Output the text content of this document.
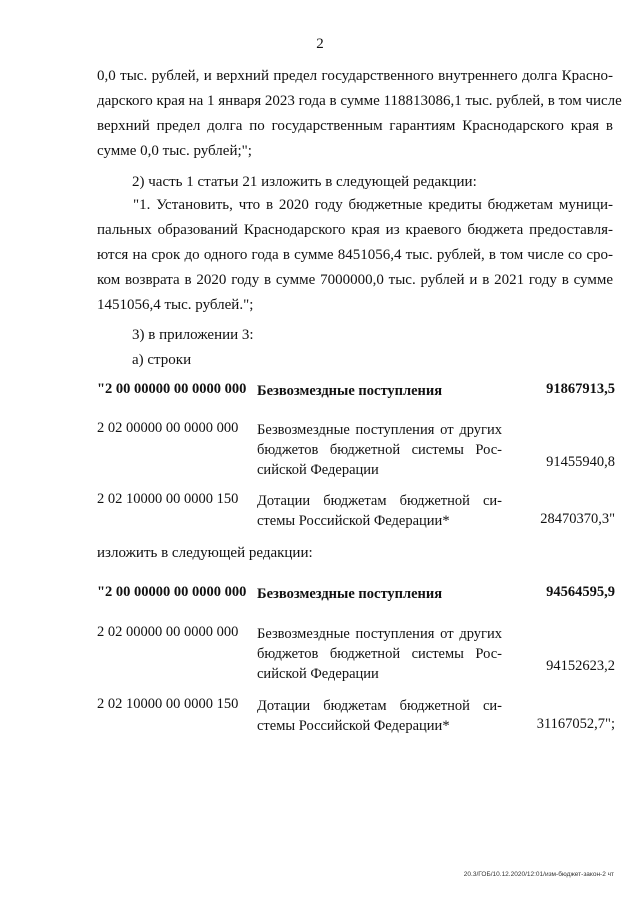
2
0,0 тыс. рублей, и верхний предел государственного внутреннего долга Красно-
дарского края на 1 января 2023 года в сумме 118813086,1 тыс. рублей, в том числе
верхний предел долга по государственным гарантиям Краснодарского края в
сумме 0,0 тыс. рублей;";
2) часть 1 статьи 21 изложить в следующей редакции:
"1. Установить, что в 2020 году бюджетные кредиты бюджетам муници-
пальных образований Краснодарского края из краевого бюджета предоставля-
ются на срок до одного года в сумме 8451056,4 тыс. рублей, в том числе со сро-
ком возврата в 2020 году в сумме 7000000,0 тыс. рублей и в 2021 году в сумме
1451056,4 тыс. рублей.";
3) в приложении 3:
а) строки
"2 00 00000 00 0000 000 Безвозмездные поступления	91867913,5
2 02 00000 00 0000 000 Безвозмездные поступления от других
бюджетов бюджетной системы Рос-
сийской Федерации	91455940,8
2 02 10000 00 0000 150 Дотации бюджетам бюджетной си-
стемы Российской Федерации*	28470370,3"
изложить в следующей редакции:
"2 00 00000 00 0000 000 Безвозмездные поступления	94564595,9
2 02 00000 00 0000 000 Безвозмездные поступления от других
бюджетов бюджетной системы Рос-
сийской Федерации	94152623,2
2 02 10000 00 0000 150 Дотации бюджетам бюджетной си-
стемы Российской Федерации*	31167052,7";
20.3/ГОБ/10.12.2020/12:01/изм-бюджет-закон-2 чт
